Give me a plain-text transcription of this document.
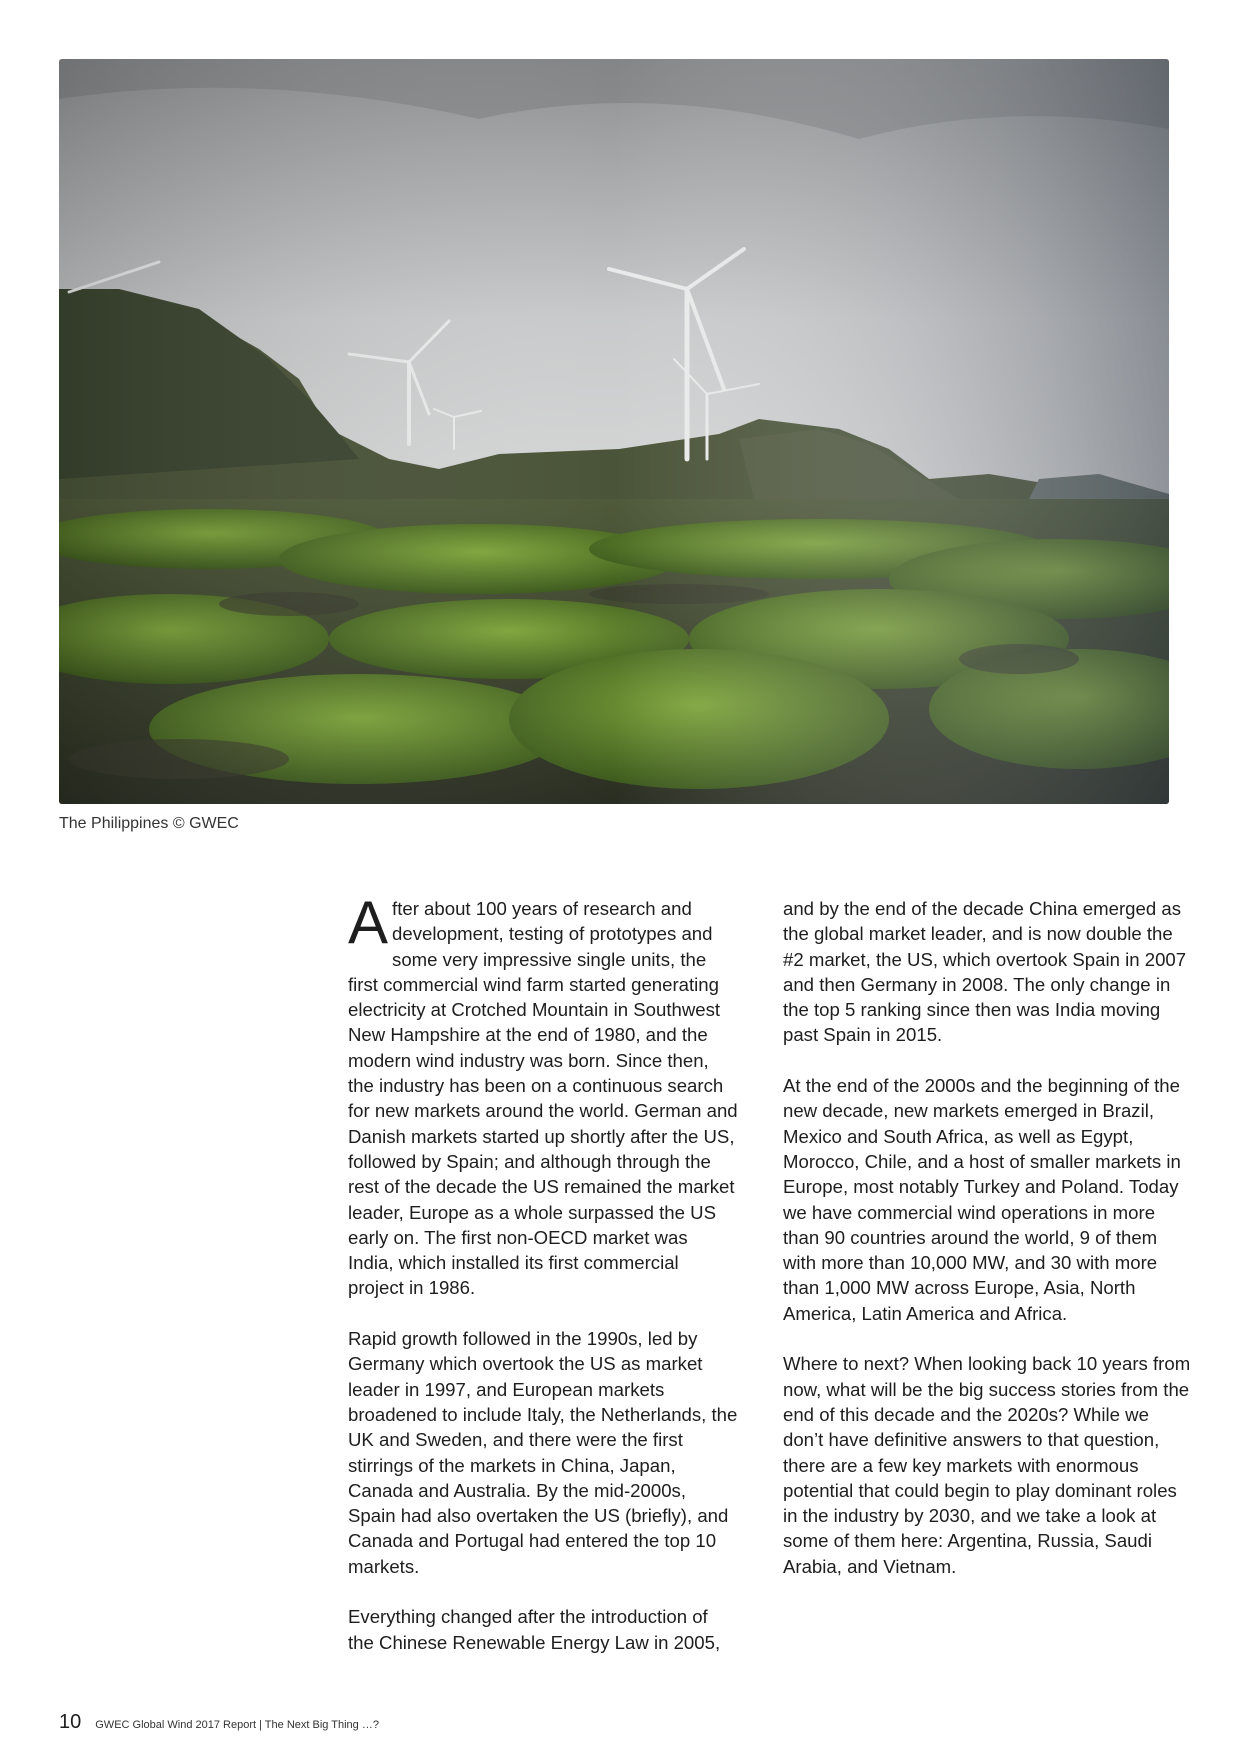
The Philippines © GWEC

After about 100 years of research and development, testing of prototypes and some very impressive single units, the first commercial wind farm started generating electricity at Crotched Mountain in Southwest New Hampshire at the end of 1980, and the modern wind industry was born. Since then, the industry has been on a continuous search for new markets around the world. German and Danish markets started up shortly after the US, followed by Spain; and although through the rest of the decade the US remained the market leader, Europe as a whole surpassed the US early on. The first non-OECD market was India, which installed its first commercial project in 1986.

Rapid growth followed in the 1990s, led by Germany which overtook the US as market leader in 1997, and European markets broadened to include Italy, the Netherlands, the UK and Sweden, and there were the first stirrings of the markets in China, Japan, Canada and Australia. By the mid-2000s, Spain had also overtaken the US (briefly), and Canada and Portugal had entered the top 10 markets.

Everything changed after the introduction of the Chinese Renewable Energy Law in 2005,

and by the end of the decade China emerged as the global market leader, and is now double the #2 market, the US, which overtook Spain in 2007 and then Germany in 2008. The only change in the top 5 ranking since then was India moving past Spain in 2015.

At the end of the 2000s and the beginning of the new decade, new markets emerged in Brazil, Mexico and South Africa, as well as Egypt, Morocco, Chile, and a host of smaller markets in Europe, most notably Turkey and Poland. Today we have commercial wind operations in more than 90 countries around the world, 9 of them with more than 10,000 MW, and 30 with more than 1,000 MW across Europe, Asia, North America, Latin America and Africa.

Where to next? When looking back 10 years from now, what will be the big success stories from the end of this decade and the 2020s? While we don’t have definitive answers to that question, there are a few key markets with enormous potential that could begin to play dominant roles in the industry by 2030, and we take a look at some of them here: Argentina, Russia, Saudi Arabia, and Vietnam.

10 GWEC Global Wind 2017 Report | The Next Big Thing …?
